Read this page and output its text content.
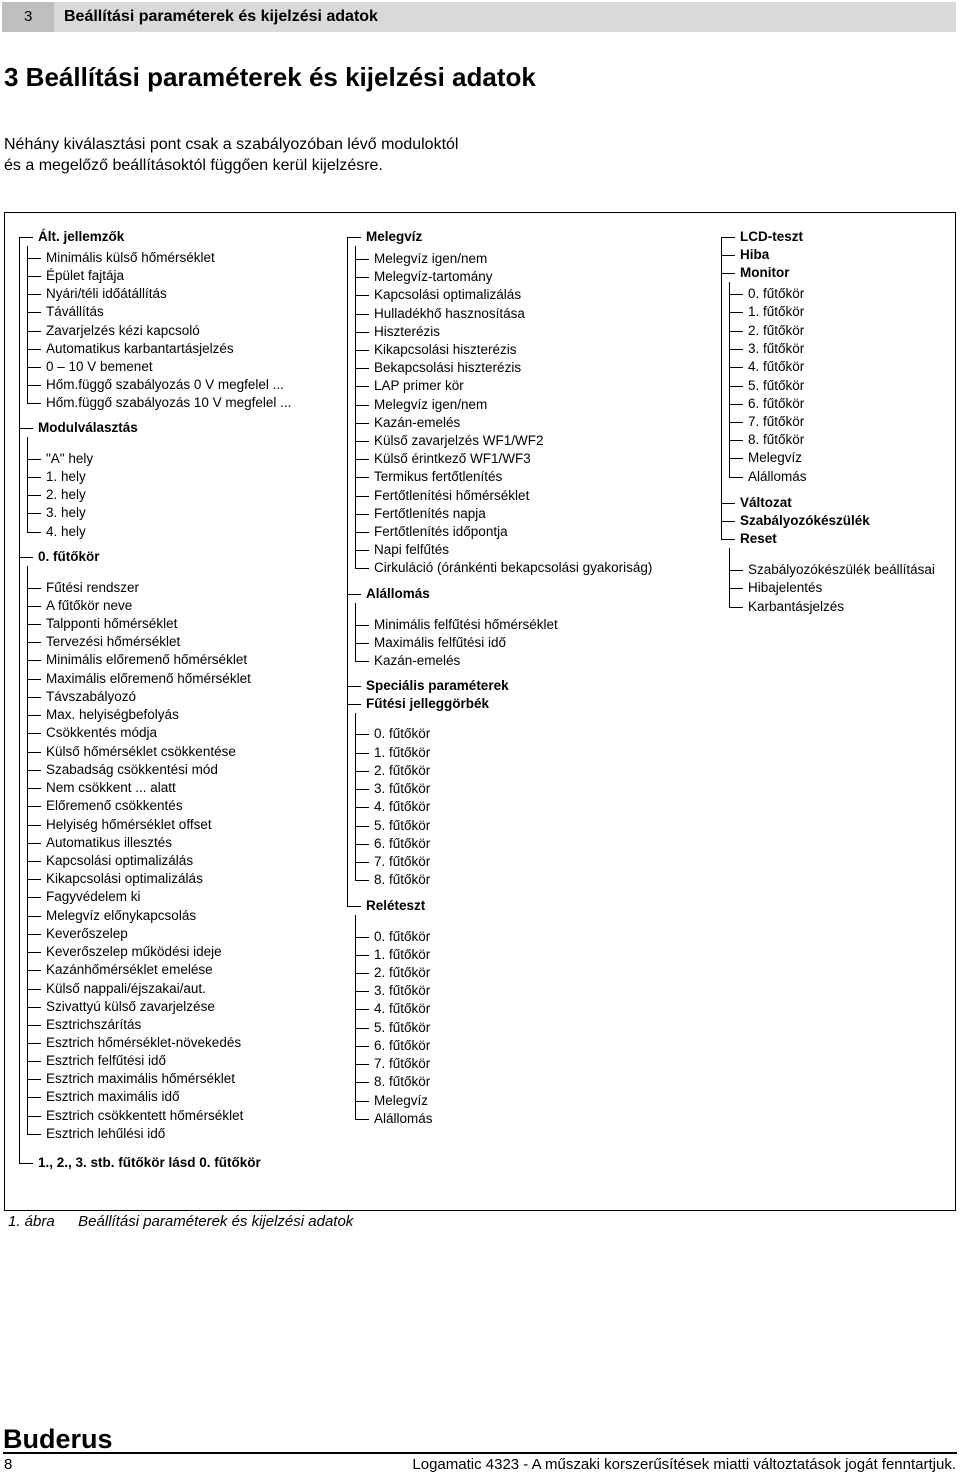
3	Beállítási paraméterek és kijelzési adatok
3 Beállítási paraméterek és kijelzési adatok
Néhány kiválasztási pont csak a szabályozóban lévő moduloktól és a megelőző beállításoktól függően kerül kijelzésre.
Ált. jellemzők
Minimális külső hőmérséklet
Épület fajtája
Nyári/téli időátállítás
Távállítás
Zavarjelzés kézi kapcsoló
Automatikus karbantartásjelzés
0 – 10 V bemenet
Hőm.függő szabályozás 0 V megfelel ...
Hőm.függő szabályozás 10 V megfelel ...
Modulválasztás
"A" hely
1. hely
2. hely
3. hely
4. hely
0. fűtőkör
Fűtési rendszer
A fűtőkör neve
Talpponti hőmérséklet
Tervezési hőmérséklet
Minimális előremenő hőmérséklet
Maximális előremenő hőmérséklet
Távszabályozó
Max. helyiségbefolyás
Csökkentés módja
Külső hőmérséklet csökkentése
Szabadság csökkentési mód
Nem csökkent ... alatt
Előremenő csökkentés
Helyiség hőmérséklet offset
Automatikus illesztés
Kapcsolási optimalizálás
Kikapcsolási optimalizálás
Fagyvédelem ki
Melegvíz előnykapcsolás
Keverőszelep
Keverőszelep működési ideje
Kazánhőmérséklet emelése
Külső nappali/éjszakai/aut.
Szivattyú külső zavarjelzése
Esztrichszárítás
Esztrich hőmérséklet-növekedés
Esztrich felfűtési idő
Esztrich maximális hőmérséklet
Esztrich maximális idő
Esztrich csökkentett hőmérséklet
Esztrich lehűlési idő
1., 2., 3. stb. fűtőkör lásd 0. fűtőkör
Melegvíz
Melegvíz igen/nem
Melegvíz-tartomány
Kapcsolási optimalizálás
Hulladékhő hasznosítása
Hiszterézis
Kikapcsolási hiszterézis
Bekapcsolási hiszterézis
LAP primer kör
Melegvíz igen/nem
Kazán-emelés
Külső zavarjelzés WF1/WF2
Külső érintkező WF1/WF3
Termikus fertőtlenítés
Fertőtlenítési hőmérséklet
Fertőtlenítés napja
Fertőtlenítés időpontja
Napi felfűtés
Cirkuláció (óránkénti bekapcsolási gyakoriság)
Alállomás
Minimális felfűtési hőmérséklet
Maximális felfűtési idő
Kazán-emelés
Speciális paraméterek
Fűtési jelleggörbék
0. fűtőkör
1. fűtőkör
2. fűtőkör
3. fűtőkör
4. fűtőkör
5. fűtőkör
6. fűtőkör
7. fűtőkör
8. fűtőkör
Reléteszt
0. fűtőkör
1. fűtőkör
2. fűtőkör
3. fűtőkör
4. fűtőkör
5. fűtőkör
6. fűtőkör
7. fűtőkör
8. fűtőkör
Melegvíz
Alállomás
LCD-teszt
Hiba
Monitor
0. fűtőkör
1. fűtőkör
2. fűtőkör
3. fűtőkör
4. fűtőkör
5. fűtőkör
6. fűtőkör
7. fűtőkör
8. fűtőkör
Melegvíz
Alállomás
Változat
Szabályozókészülék
Reset
Szabályozókészülék beállításai
Hibajelentés
Karbantásjelzés
1. ábra Beállítási paraméterek és kijelzési adatok
Buderus
8	Logamatic 4323 - A műszaki korszerűsítések miatti változtatások jogát fenntartjuk.
